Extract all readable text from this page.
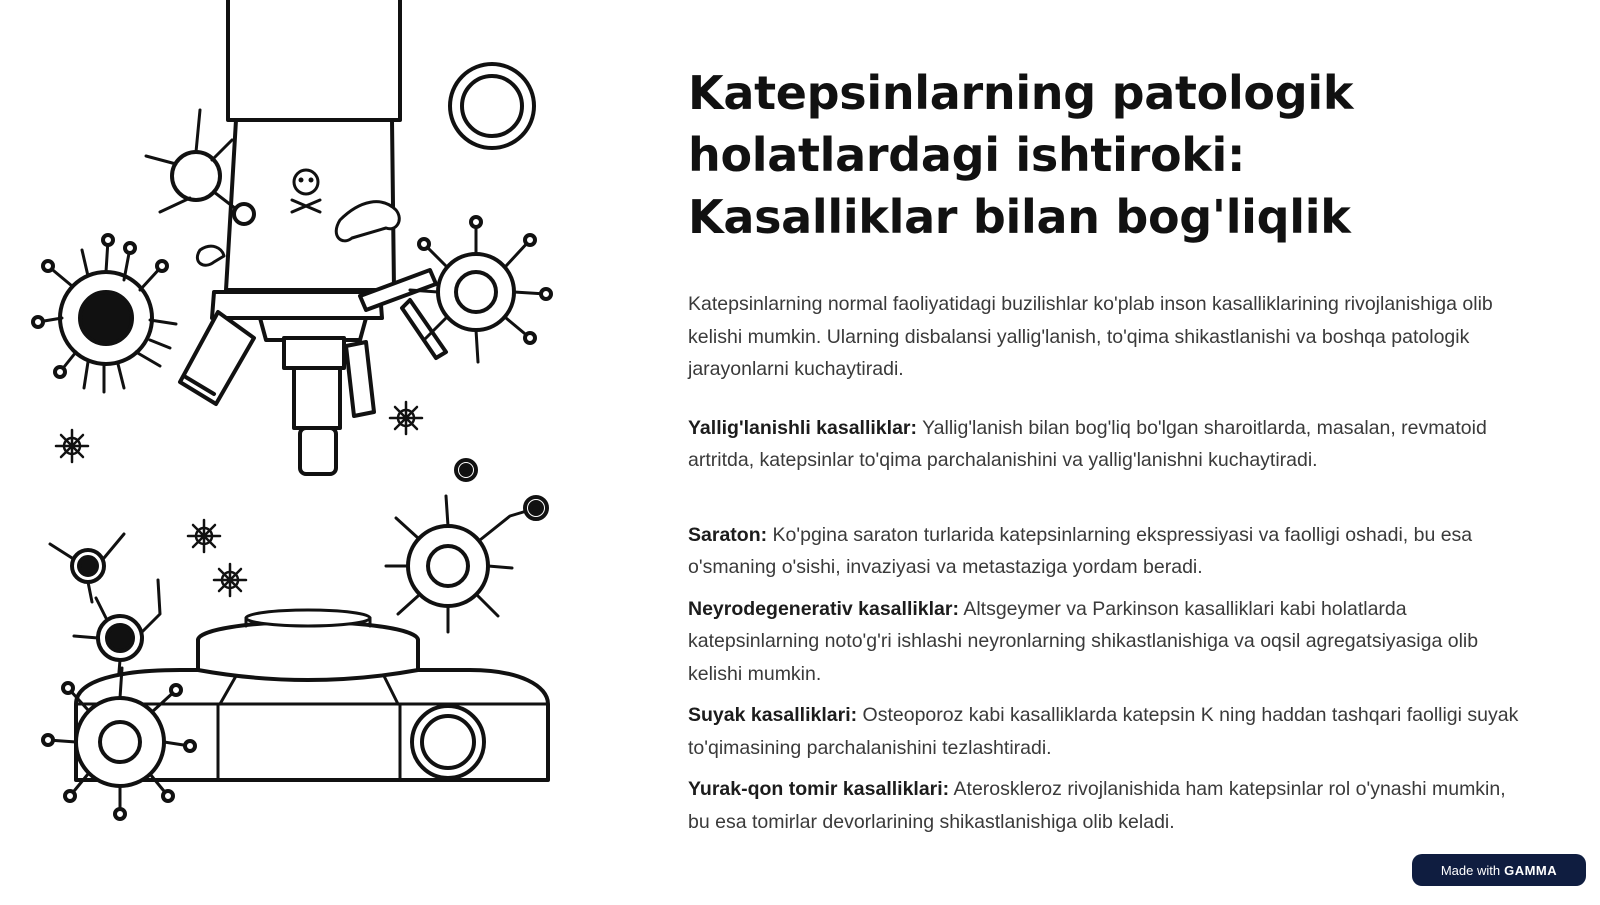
Katepsinlarning patologik holatlardagi ishtiroki: Kasalliklar bilan bog'liqlik

Katepsinlarning normal faoliyatidagi buzilishlar ko'plab inson kasalliklarining rivojlanishiga olib kelishi mumkin. Ularning disbalansi yallig'lanish, to'qima shikastlanishi va boshqa patologik jarayonlarni kuchaytiradi.

Yallig'lanishli kasalliklar: Yallig'lanish bilan bog'liq bo'lgan sharoitlarda, masalan, revmatoid artritda, katepsinlar to'qima parchalanishini va yallig'lanishni kuchaytiradi.

Saraton: Ko'pgina saraton turlarida katepsinlarning ekspressiyasi va faolligi oshadi, bu esa o'smaning o'sishi, invaziyasi va metastaziga yordam beradi.

Neyrodegenerativ kasalliklar: Altsgeymer va Parkinson kasalliklari kabi holatlarda katepsinlarning noto'g'ri ishlashi neyronlarning shikastlanishiga va oqsil agregatsiyasiga olib kelishi mumkin.

Suyak kasalliklari: Osteoporoz kabi kasalliklarda katepsin K ning haddan tashqari faolligi suyak to'qimasining parchalanishini tezlashtiradi.

Yurak-qon tomir kasalliklari: Ateroskleroz rivojlanishida ham katepsinlar rol o'ynashi mumkin, bu esa tomirlar devorlarining shikastlanishiga olib keladi.

Made with GAMMA
